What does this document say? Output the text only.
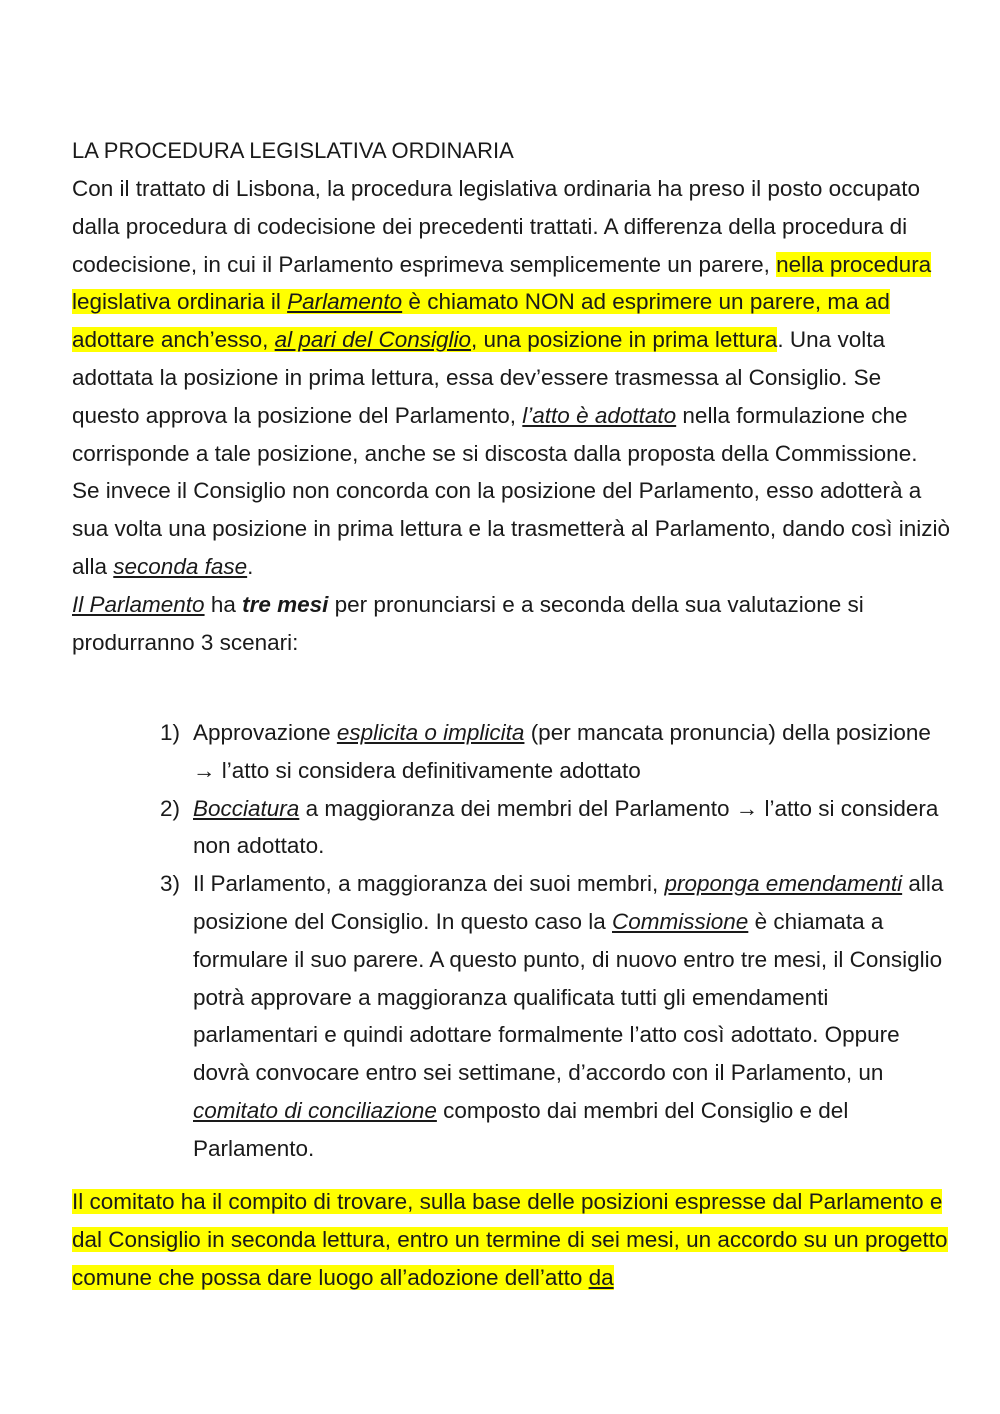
LA PROCEDURA LEGISLATIVA ORDINARIA

Con il trattato di Lisbona, la procedura legislativa ordinaria ha preso il posto occupato dalla procedura di codecisione dei precedenti trattati. A differenza della procedura di codecisione, in cui il Parlamento esprimeva semplicemente un parere, nella procedura legislativa ordinaria il Parlamento è chiamato NON ad esprimere un parere, ma ad adottare anch’esso, al pari del Consiglio, una posizione in prima lettura. Una volta adottata la posizione in prima lettura, essa dev’essere trasmessa al Consiglio. Se questo approva la posizione del Parlamento, l’atto è adottato nella formulazione che corrisponde a tale posizione, anche se si discosta dalla proposta della Commissione.

Se invece il Consiglio non concorda con la posizione del Parlamento, esso adotterà a sua volta una posizione in prima lettura e la trasmetterà al Parlamento, dando così iniziò alla seconda fase.

Il Parlamento ha tre mesi per pronunciarsi e a seconda della sua valutazione si produrranno 3 scenari:

1) Approvazione esplicita o implicita (per mancata pronuncia) della posizione → l’atto si considera definitivamente adottato
2) Bocciatura a maggioranza dei membri del Parlamento → l’atto si considera non adottato.
3) Il Parlamento, a maggioranza dei suoi membri, proponga emendamenti alla posizione del Consiglio. In questo caso la Commissione è chiamata a formulare il suo parere. A questo punto, di nuovo entro tre mesi, il Consiglio potrà approvare a maggioranza qualificata tutti gli emendamenti parlamentari e quindi adottare formalmente l’atto così adottato. Oppure dovrà convocare entro sei settimane, d’accordo con il Parlamento, un comitato di conciliazione composto dai membri del Consiglio e del Parlamento.

Il comitato ha il compito di trovare, sulla base delle posizioni espresse dal Parlamento e dal Consiglio in seconda lettura, entro un termine di sei mesi, un accordo su un progetto comune che possa dare luogo all’adozione dell’atto da
